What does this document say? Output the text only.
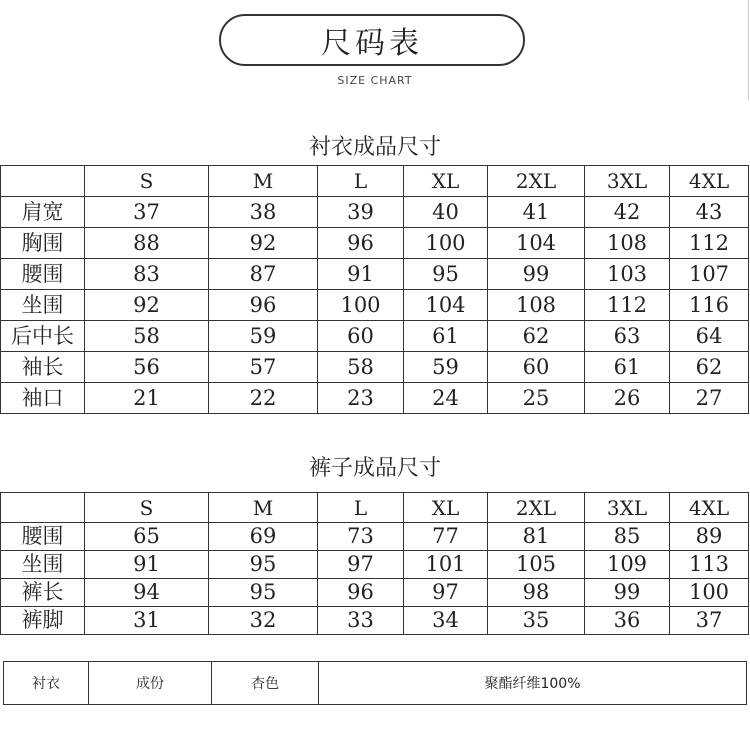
尺码表
SIZE CHART
衬衣成品尺寸
	S	M	L	XL	2XL	3XL	4XL
肩宽	37	38	39	40	41	42	43
胸围	88	92	96	100	104	108	112
腰围	83	87	91	95	99	103	107
坐围	92	96	100	104	108	112	116
后中长	58	59	60	61	62	63	64
袖长	56	57	58	59	60	61	62
袖口	21	22	23	24	25	26	27
裤子成品尺寸
	S	M	L	XL	2XL	3XL	4XL
腰围	65	69	73	77	81	85	89
坐围	91	95	97	101	105	109	113
裤长	94	95	96	97	98	99	100
裤脚	31	32	33	34	35	36	37
衬衣	成份	杏色	聚酯纤维100%
